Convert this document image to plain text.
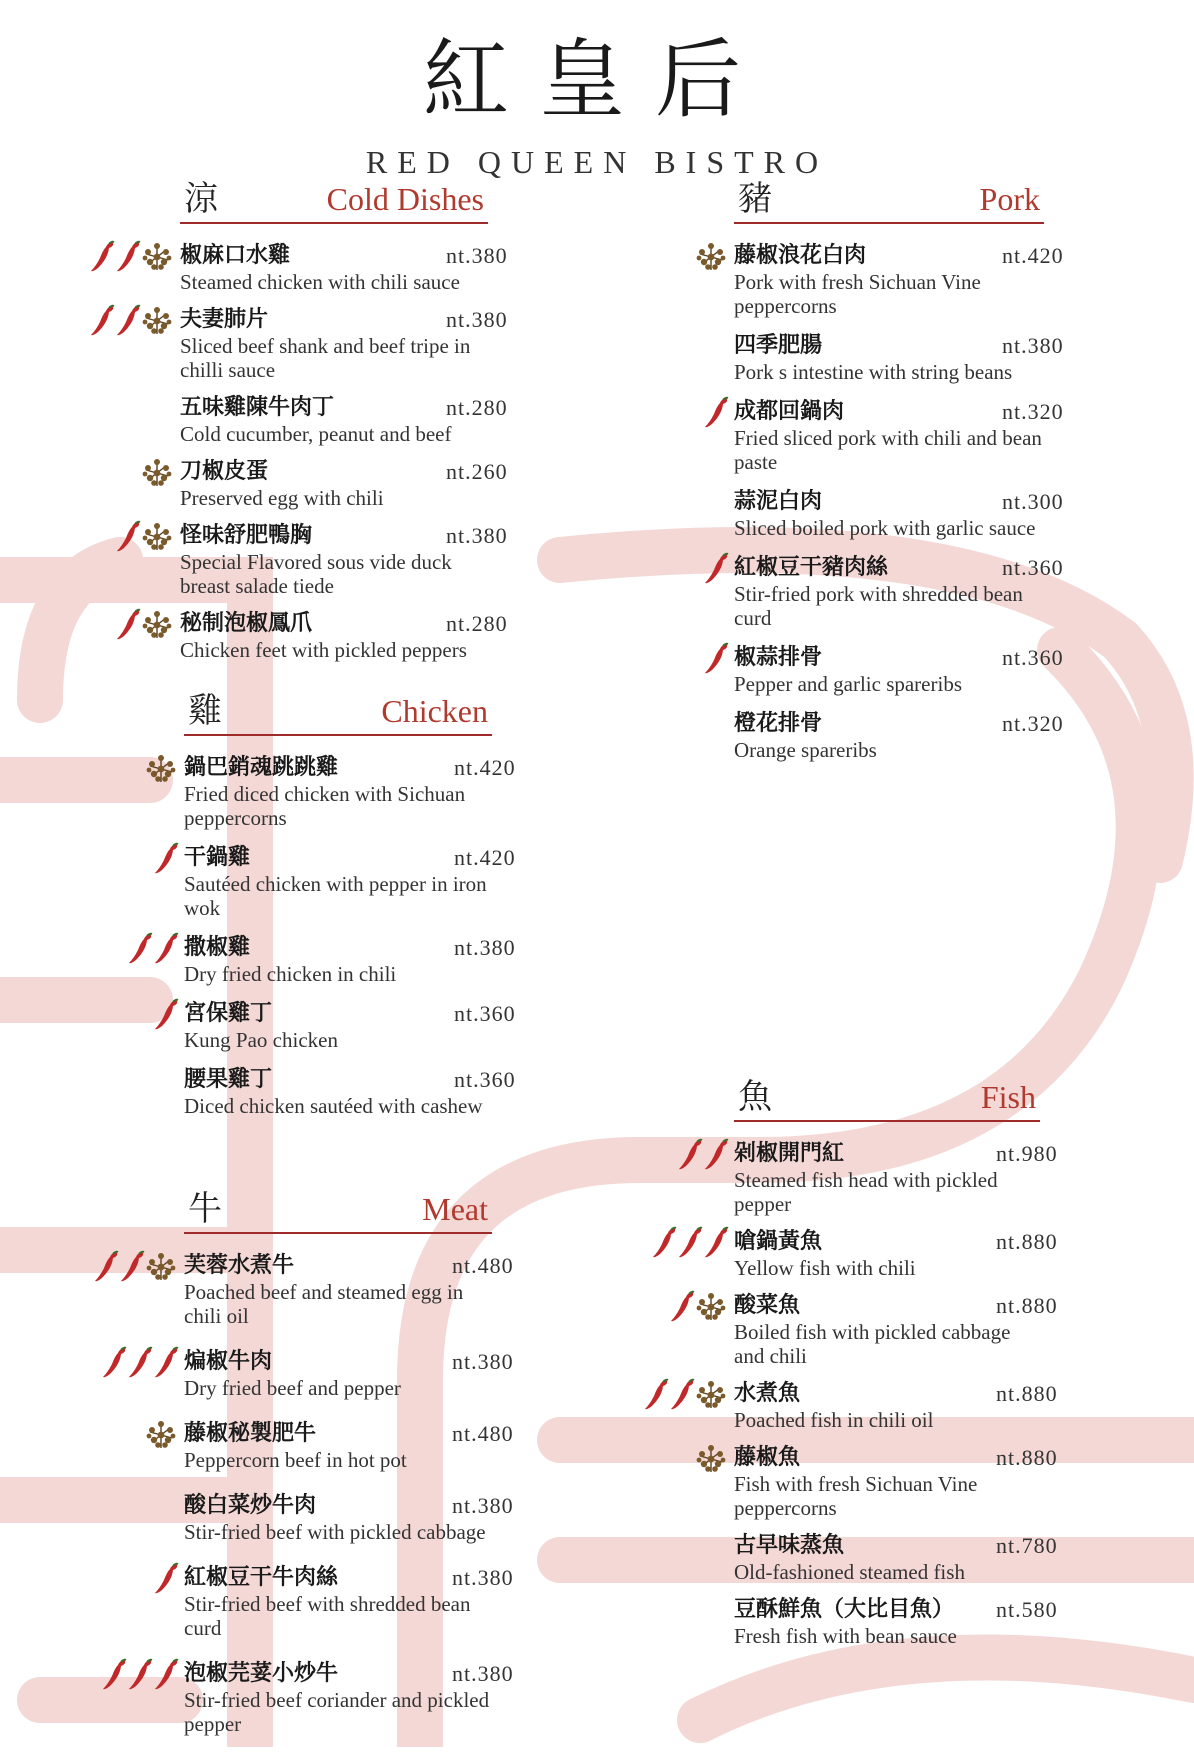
紅皇后
RED QUEEN BISTRO
涼	Cold Dishes
椒麻口水雞	nt.380
Steamed chicken with chili sauce
夫妻肺片	nt.380
Sliced beef shank and beef tripe in chilli sauce
五味雞陳牛肉丁	nt.280
Cold cucumber, peanut and beef
刀椒皮蛋	nt.260
Preserved egg with chili
怪味舒肥鴨胸	nt.380
Special Flavored sous vide duck breast salade tiede
秘制泡椒鳳爪	nt.280
Chicken feet with pickled peppers
雞	Chicken
鍋巴銷魂跳跳雞	nt.420
Fried diced chicken with Sichuan peppercorns
干鍋雞	nt.420
Sautéed chicken with pepper in iron wok
撒椒雞	nt.380
Dry fried chicken in chili
宮保雞丁	nt.360
Kung Pao chicken
腰果雞丁	nt.360
Diced chicken sautéed with cashew
牛	Meat
芙蓉水煮牛	nt.480
Poached beef and steamed egg in chili oil
煸椒牛肉	nt.380
Dry fried beef and pepper
藤椒秘製肥牛	nt.480
Peppercorn beef in hot pot
酸白菜炒牛肉	nt.380
Stir-fried beef with pickled cabbage
紅椒豆干牛肉絲	nt.380
Stir-fried beef with shredded bean curd
泡椒芫荽小炒牛	nt.380
Stir-fried beef coriander and pickled pepper
豬	Pork
藤椒浪花白肉	nt.420
Pork with fresh Sichuan Vine peppercorns
四季肥腸	nt.380
Pork s intestine with string beans
成都回鍋肉	nt.320
Fried sliced pork with chili and bean paste
蒜泥白肉	nt.300
Sliced boiled pork with garlic sauce
紅椒豆干豬肉絲	nt.360
Stir-fried pork with shredded bean curd
椒蒜排骨	nt.360
Pepper and garlic spareribs
橙花排骨	nt.320
Orange spareribs
魚	Fish
剁椒開門紅	nt.980
Steamed fish head with pickled pepper
嗆鍋黃魚	nt.880
Yellow fish with chili
酸菜魚	nt.880
Boiled fish with pickled cabbage and chili
水煮魚	nt.880
Poached fish in chili oil
藤椒魚	nt.880
Fish with fresh Sichuan Vine peppercorns
古早味蒸魚	nt.780
Old-fashioned steamed fish
豆酥鮮魚（大比目魚）	nt.580
Fresh fish with bean sauce
